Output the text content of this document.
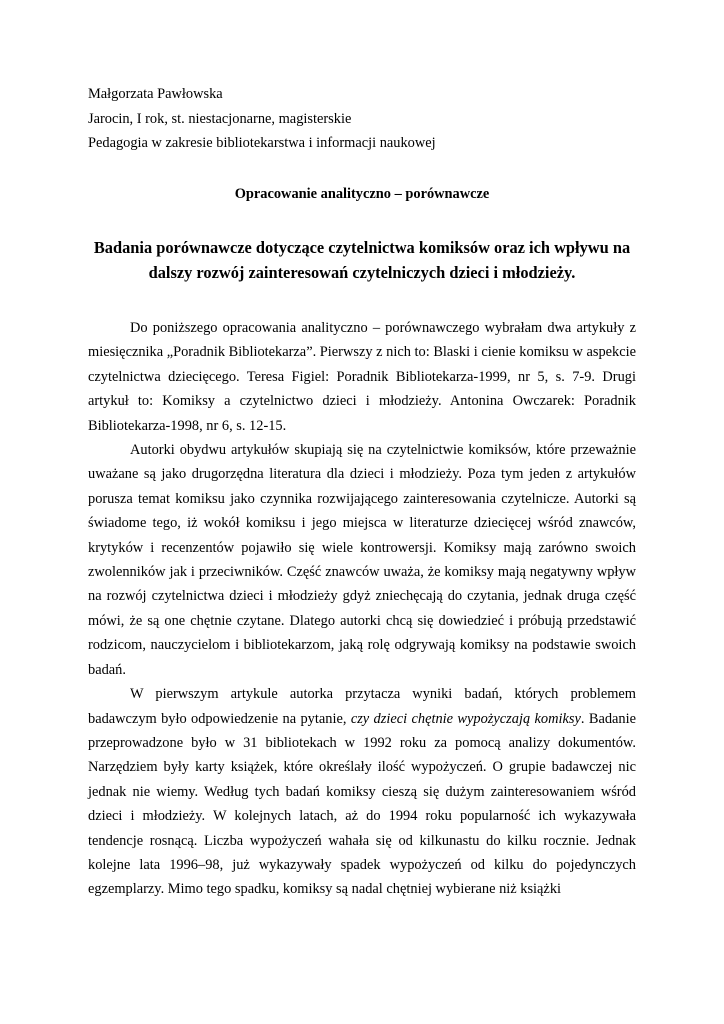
Małgorzata Pawłowska
Jarocin, I rok, st. niestacjonarne, magisterskie
Pedagogia w zakresie bibliotekarstwa i informacji naukowej
Opracowanie analityczno – porównawcze
Badania porównawcze dotyczące czytelnictwa komiksów oraz ich wpływu na dalszy rozwój zainteresowań czytelniczych dzieci i młodzieży.

Do poniższego opracowania analityczno – porównawczego wybrałam dwa artykuły z miesięcznika „Poradnik Bibliotekarza”. Pierwszy z nich to: Blaski i cienie komiksu w aspekcie czytelnictwa dziecięcego. Teresa Figiel: Poradnik Bibliotekarza-1999, nr 5, s. 7-9. Drugi artykuł to: Komiksy a czytelnictwo dzieci i młodzieży. Antonina Owczarek: Poradnik Bibliotekarza-1998, nr 6, s. 12-15.

Autorki obydwu artykułów skupiają się na czytelnictwie komiksów, które przeważnie uważane są jako drugorzędna literatura dla dzieci i młodzieży. Poza tym jeden z artykułów porusza temat komiksu jako czynnika rozwijającego zainteresowania czytelnicze. Autorki są świadome tego, iż wokół komiksu i jego miejsca w literaturze dziecięcej wśród znawców, krytyków i recenzentów pojawiło się wiele kontrowersji. Komiksy mają zarówno swoich zwolenników jak i przeciwników. Część znawców uważa, że komiksy mają negatywny wpływ na rozwój czytelnictwa dzieci i młodzieży gdyż zniechęcają do czytania, jednak druga część mówi, że są one chętnie czytane. Dlatego autorki chcą się dowiedzieć i próbują przedstawić rodzicom, nauczycielom i bibliotekarzom, jaką rolę odgrywają komiksy na podstawie swoich badań.

W pierwszym artykule autorka przytacza wyniki badań, których problemem badawczym było odpowiedzenie na pytanie, czy dzieci chętnie wypożyczają komiksy. Badanie przeprowadzone było w 31 bibliotekach w 1992 roku za pomocą analizy dokumentów. Narzędziem były karty książek, które określały ilość wypożyczeń. O grupie badawczej nic jednak nie wiemy. Według tych badań komiksy cieszą się dużym zainteresowaniem wśród dzieci i młodzieży. W kolejnych latach, aż do 1994 roku popularność ich wykazywała tendencje rosnącą. Liczba wypożyczeń wahała się od kilkunastu do kilku rocznie. Jednak kolejne lata 1996–98, już wykazywały spadek wypożyczeń od kilku do pojedynczych egzemplarzy. Mimo tego spadku, komiksy są nadal chętniej wybierane niż książki
